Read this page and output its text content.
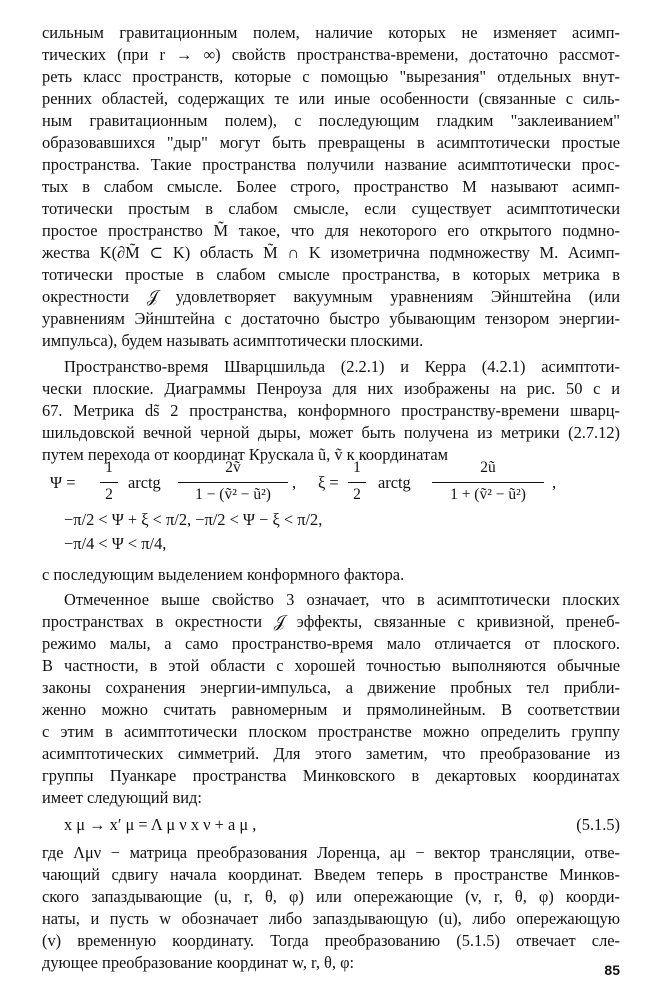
сильным гравитационным полем, наличие которых не изменяет асимп-
тических (при r → ∞) свойств пространства-времени, достаточно рассмот-
реть класс пространств, которые с помощью "вырезания" отдельных внут-
ренних областей, содержащих те или иные особенности (связанные с силь-
ным гравитационным полем), с последующим гладким "заклеиванием"
образовавшихся "дыр" могут быть превращены в асимптотически простые
пространства. Такие пространства получили название асимптотически прос-
тых в слабом смысле. Более строго, пространство M называют асимп-
тотически простым в слабом смысле, если существует асимптотически
простое пространство M̃ такое, что для некоторого его открытого подмно-
жества K(∂M̃ ⊂ K) область M̃ ∩ K изометрична подмножеству M. Асимп-
тотически простые в слабом смысле пространства, в которых метрика в
окрестности 𝒥 удовлетворяет вакуумным уравнениям Эйнштейна (или
уравнениям Эйнштейна с достаточно быстро убывающим тензором энергии-
импульса), будем называть асимптотически плоскими.
Пространство-время Шварцшильда (2.2.1) и Керра (4.2.1) асимптоти-
чески плоские. Диаграммы Пенроуза для них изображены на рис. 50 c и
67. Метрика ds̃ 2 пространства, конформного пространству-времени шварц-
шильдовской вечной черной дыры, может быть получена из метрики (2.7.12)
путем перехода от координат Крускала ũ, ṽ к координатам
Ψ =
1
2
arctg
2ṽ
1 − (ṽ² − ũ²)
, ξ =
1
2
arctg
2ũ
1 + (ṽ² − ũ²)
,
−π/2 < Ψ + ξ < π/2, −π/2 < Ψ − ξ < π/2,
−π/4 < Ψ < π/4,
с последующим выделением конформного фактора.
Отмеченное выше свойство 3 означает, что в асимптотически плоских
пространствах в окрестности 𝒥 эффекты, связанные с кривизной, пренеб-
режимо малы, а само пространство-время мало отличается от плоского.
В частности, в этой области с хорошей точностью выполняются обычные
законы сохранения энергии-импульса, а движение пробных тел прибли-
женно можно считать равномерным и прямолинейным. В соответствии
с этим в асимптотически плоском пространстве можно определить группу
асимптотических симметрий. Для этого заметим, что преобразование из
группы Пуанкаре пространства Минковского в декартовых координатах
имеет следующий вид:
x μ → x′ μ = Λ μ ν x ν + a μ ,	(5.1.5)
где Λμν − матрица преобразования Лоренца, aμ − вектор трансляции, отве-
чающий сдвигу начала координат. Введем теперь в пространстве Минков-
ского запаздывающие (u, r, θ, φ) или опережающие (v, r, θ, φ) коорди-
наты, и пусть w обозначает либо запаздывающую (u), либо опережающую
(v) временную координату. Тогда преобразованию (5.1.5) отвечает сле-
дующее преобразование координат w, r, θ, φ:	85
